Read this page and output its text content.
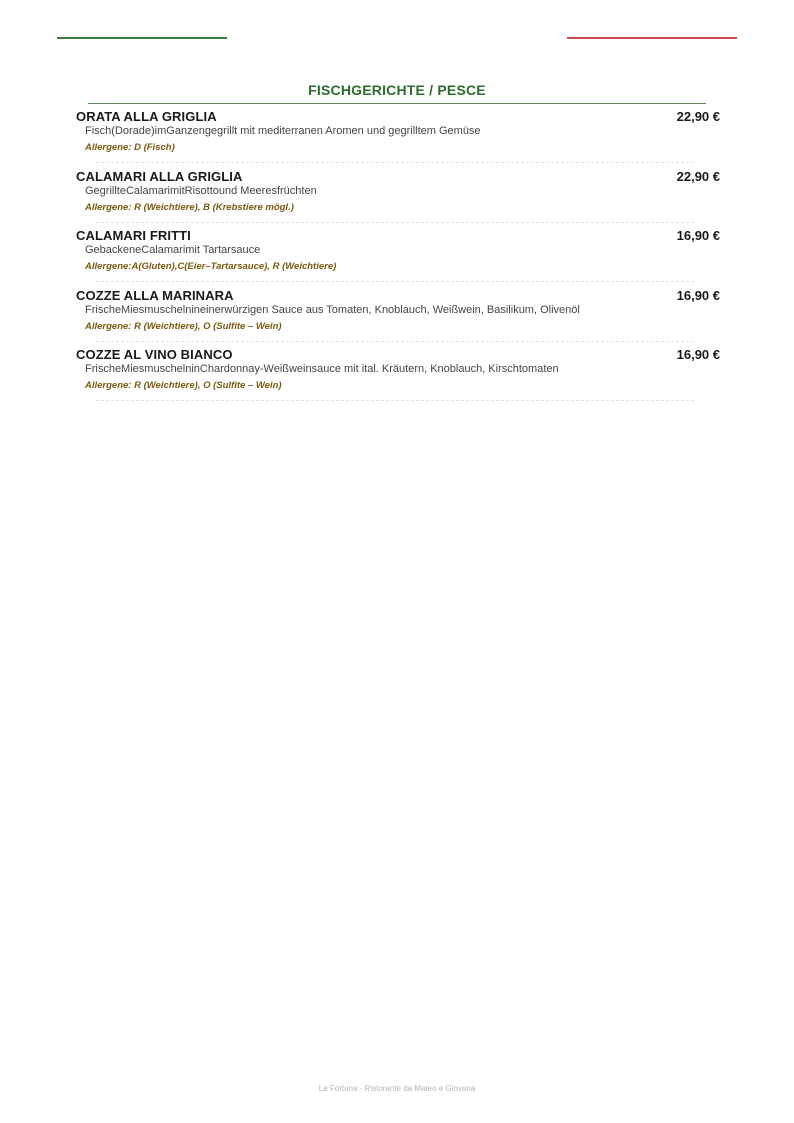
FISCHGERICHTE / PESCE
ORATA ALLA GRIGLIA	22,90 €
Fisch(Dorade)imGanzengegrillt mit mediterranen Aromen und gegrilltem Gemüse
Allergene: D (Fisch)
CALAMARI ALLA GRIGLIA	22,90 €
GegrillteCalamarimitRisottound Meeresfrüchten
Allergene: R (Weichtiere), B (Krebstiere mögl.)
CALAMARI FRITTI	16,90 €
GebackeneCalamarimit Tartarsauce
Allergene:A(Gluten),C(Eier–Tartarsauce), R (Weichtiere)
COZZE ALLA MARINARA	16,90 €
FrischeMiesmuschelnineinerwürzigen Sauce aus Tomaten, Knoblauch, Weißwein, Basilikum, Olivenöl
Allergene: R (Weichtiere), O (Sulfite – Wein)
COZZE AL VINO BIANCO	16,90 €
FrischeMiesmuschelninChardonnay-Weißweinsauce mit ital. Kräutern, Knoblauch, Kirschtomaten
Allergene: R (Weichtiere), O (Sulfite – Wein)
La Fortuna · Ristorante da Mateo e Giovana
